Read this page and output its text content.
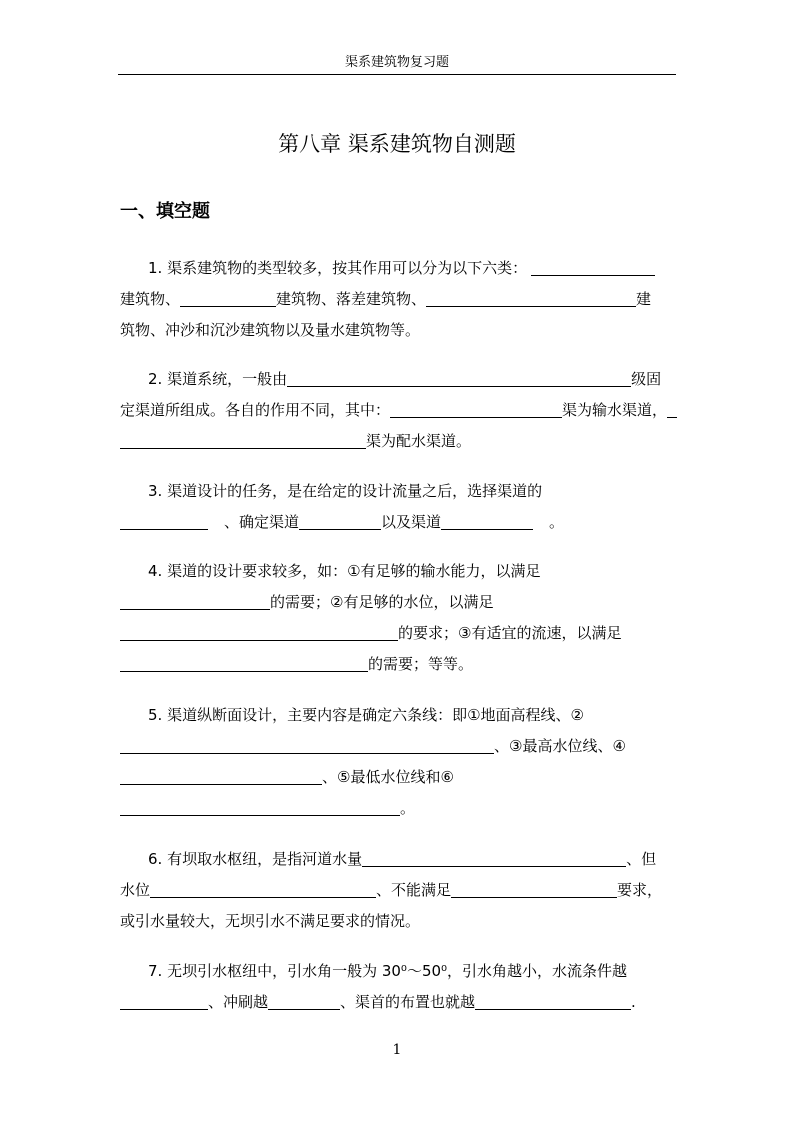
渠系建筑物复习题
第八章 渠系建筑物自测题
一、填空题

1. 渠系建筑物的类型较多，按其作用可以分为以下六类：

建筑物、	建筑物、落差建筑物、	建

筑物、冲沙和沉沙建筑物以及量水建筑物等。

2. 渠道系统，一般由	级固

定渠道所组成。各自的作用不同，其中：	渠为输水渠道，

渠为配水渠道。

3. 渠道设计的任务，是在给定的设计流量之后，选择渠道的

、确定渠道	以及渠道	。

4. 渠道的设计要求较多，如：①有足够的输水能力，以满足

的需要；②有足够的水位，以满足

的要求；③有适宜的流速，以满足

的需要；等等。

5. 渠道纵断面设计，主要内容是确定六条线：即①地面高程线、②

、③最高水位线、④

、⑤最低水位线和⑥

。

6. 有坝取水枢纽，是指河道水量	、但

水位	、不能满足	要求，

或引水量较大，无坝引水不满足要求的情况。

7. 无坝引水枢纽中，引水角一般为 30⁰～50⁰，引水角越小，水流条件越

、冲刷越	、渠首的布置也就越	.

1
